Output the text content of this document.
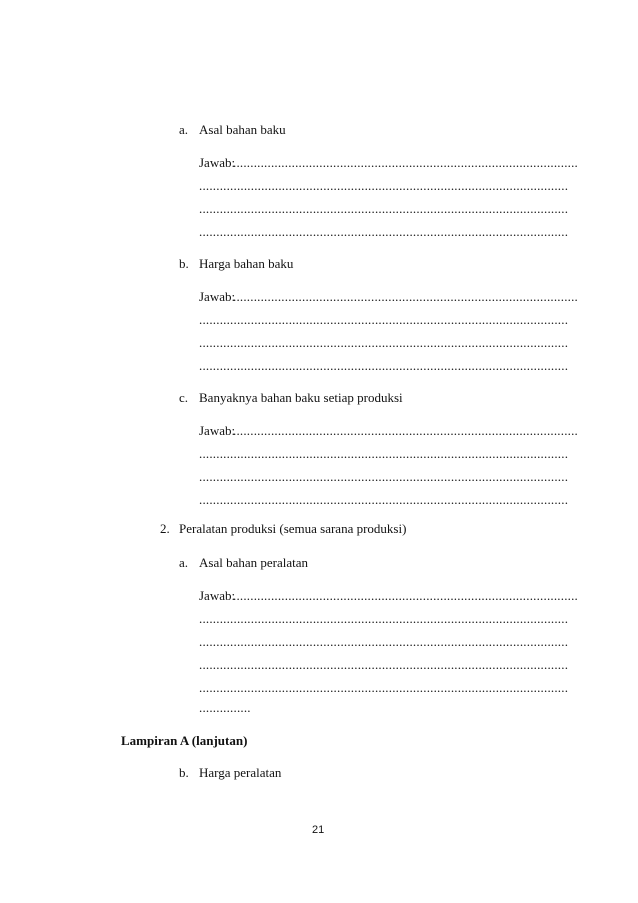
a. Asal bahan baku
Jawab:
....................................................................................................
...........................................................................................................
...........................................................................................................
...........................................................................................................
b. Harga bahan baku
Jawab:
....................................................................................................
...........................................................................................................
...........................................................................................................
...........................................................................................................
c. Banyaknya bahan baku setiap produksi
Jawab:
....................................................................................................
...........................................................................................................
...........................................................................................................
...........................................................................................................
2. Peralatan produksi (semua sarana produksi)
a. Asal bahan peralatan
Jawab:
....................................................................................................
...........................................................................................................
...........................................................................................................
...........................................................................................................
...........................................................................................................
...............
Lampiran A (lanjutan)
b. Harga peralatan
21
